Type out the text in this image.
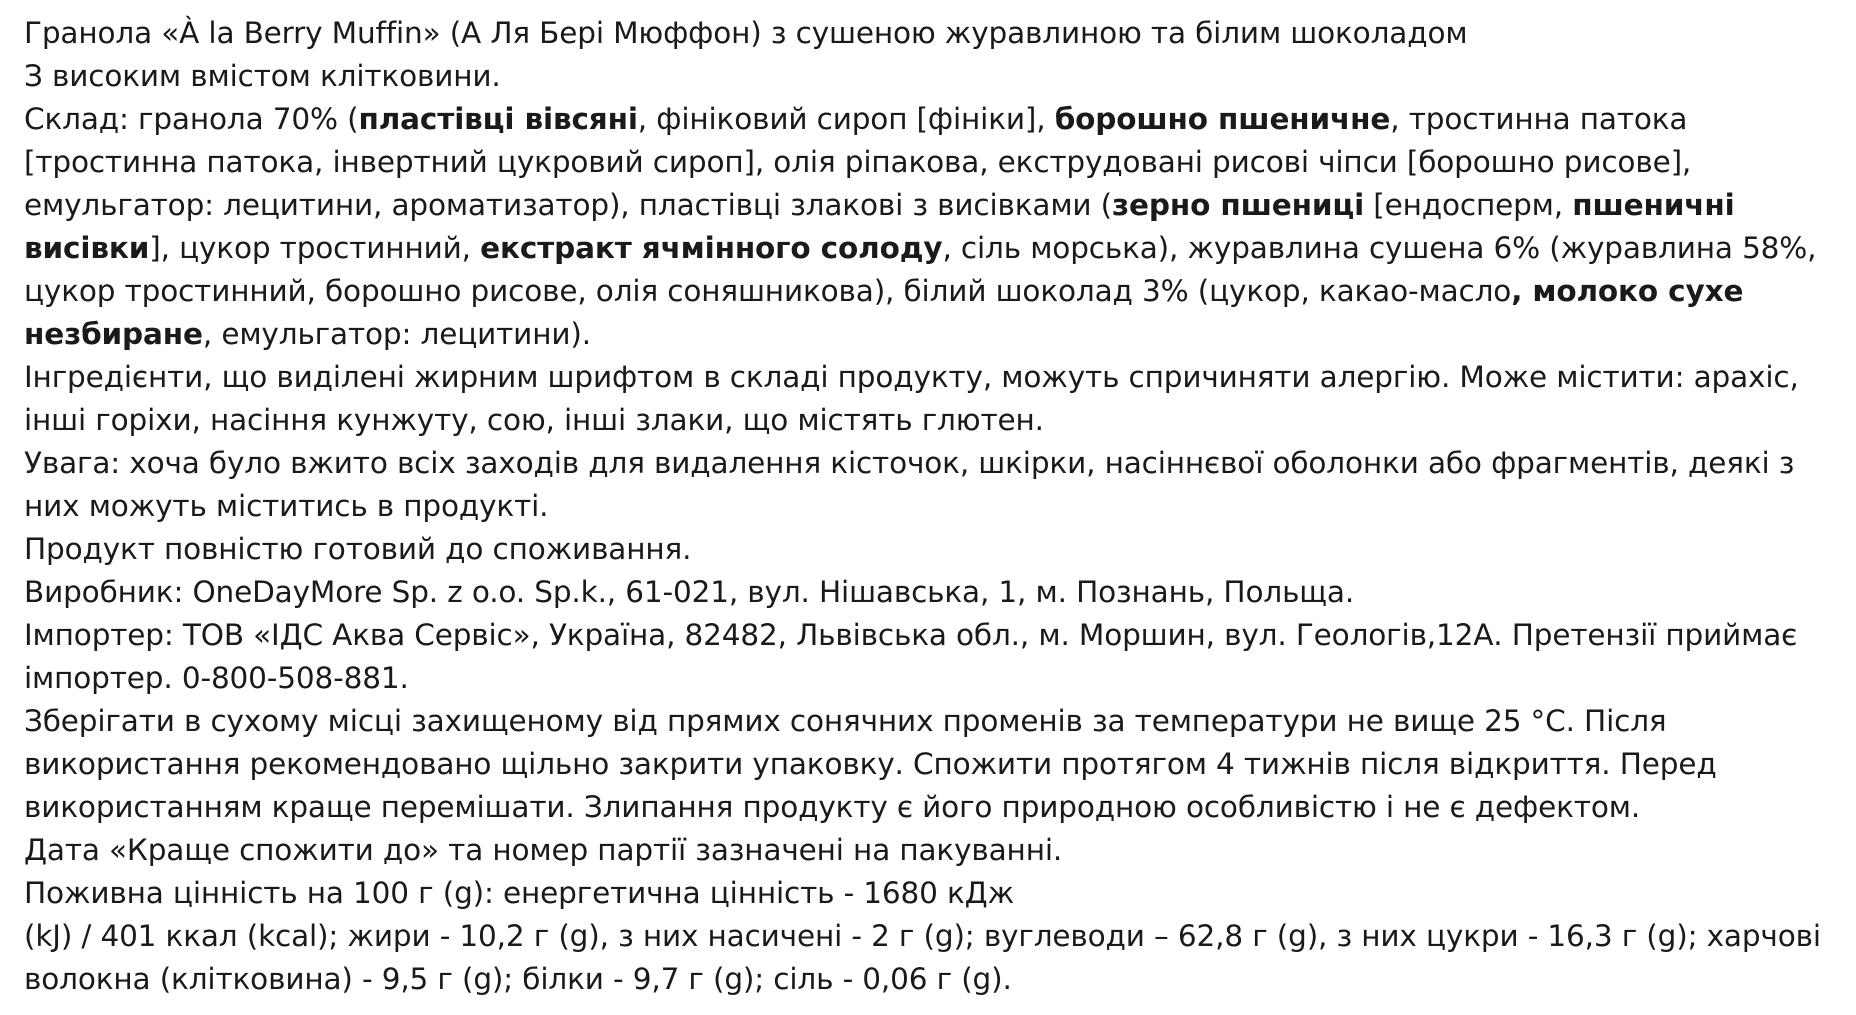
Гранола «À la Berry Muffin» (А Ля Бері Мюффон) з сушеною журавлиною та білим шоколадом

З високим вмістом клітковини.

Склад: гранола 70% (пластівці вівсяні, фініковий сироп [фініки], борошно пшеничне, тростинна патока [тростинна патока, інвертний цукровий сироп], олія ріпакова, екструдовані рисові чіпси [борошно рисове], емульгатор: лецитини, ароматизатор), пластівці злакові з висівками (зерно пшениці [ендосперм, пшеничні висівки], цукор тростинний, екстракт ячмінного солоду, сіль морська), журавлина сушена 6% (журавлина 58%, цукор тростинний, борошно рисове, олія соняшникова), білий шоколад 3% (цукор, какао-масло, молоко сухе незбиране, емульгатор: лецитини).

Інгредієнти, що виділені жирним шрифтом в складі продукту, можуть спричиняти алергію. Може містити: арахіс, інші горіхи, насіння кунжуту, сою, інші злаки, що містять глютен.

Увага: хоча було вжито всіх заходів для видалення кісточок, шкірки, насіннєвої оболонки або фрагментів, деякі з них можуть міститись в продукті.

Продукт повністю готовий до споживання.

Виробник: OneDayMore Sp. z o.o. Sp.k., 61-021, вул. Нішавська, 1, м. Познань, Польща.

Імпортер: ТОВ «ІДС Аква Сервіс», Україна, 82482, Львівська обл., м. Моршин, вул. Геологів,12А. Претензії приймає імпортер. 0-800-508-881.

Зберігати в сухому місці захищеному від прямих сонячних променів за температури не вище 25 °С. Після використання рекомендовано щільно закрити упаковку. Спожити протягом 4 тижнів після відкриття. Перед використанням краще перемішати. Злипання продукту є його природною особливістю і не є дефектом.

Дата «Краще спожити до» та номер партії зазначені на пакуванні.

Поживна цінність на 100 г (g): енергетична цінність - 1680 кДж

(kJ) / 401 ккал (kcal); жири - 10,2 г (g), з них насичені - 2 г (g); вуглеводи – 62,8 г (g), з них цукри - 16,3 г (g); харчові волокна (клітковина) - 9,5 г (g); білки - 9,7 г (g); сіль - 0,06 г (g).
